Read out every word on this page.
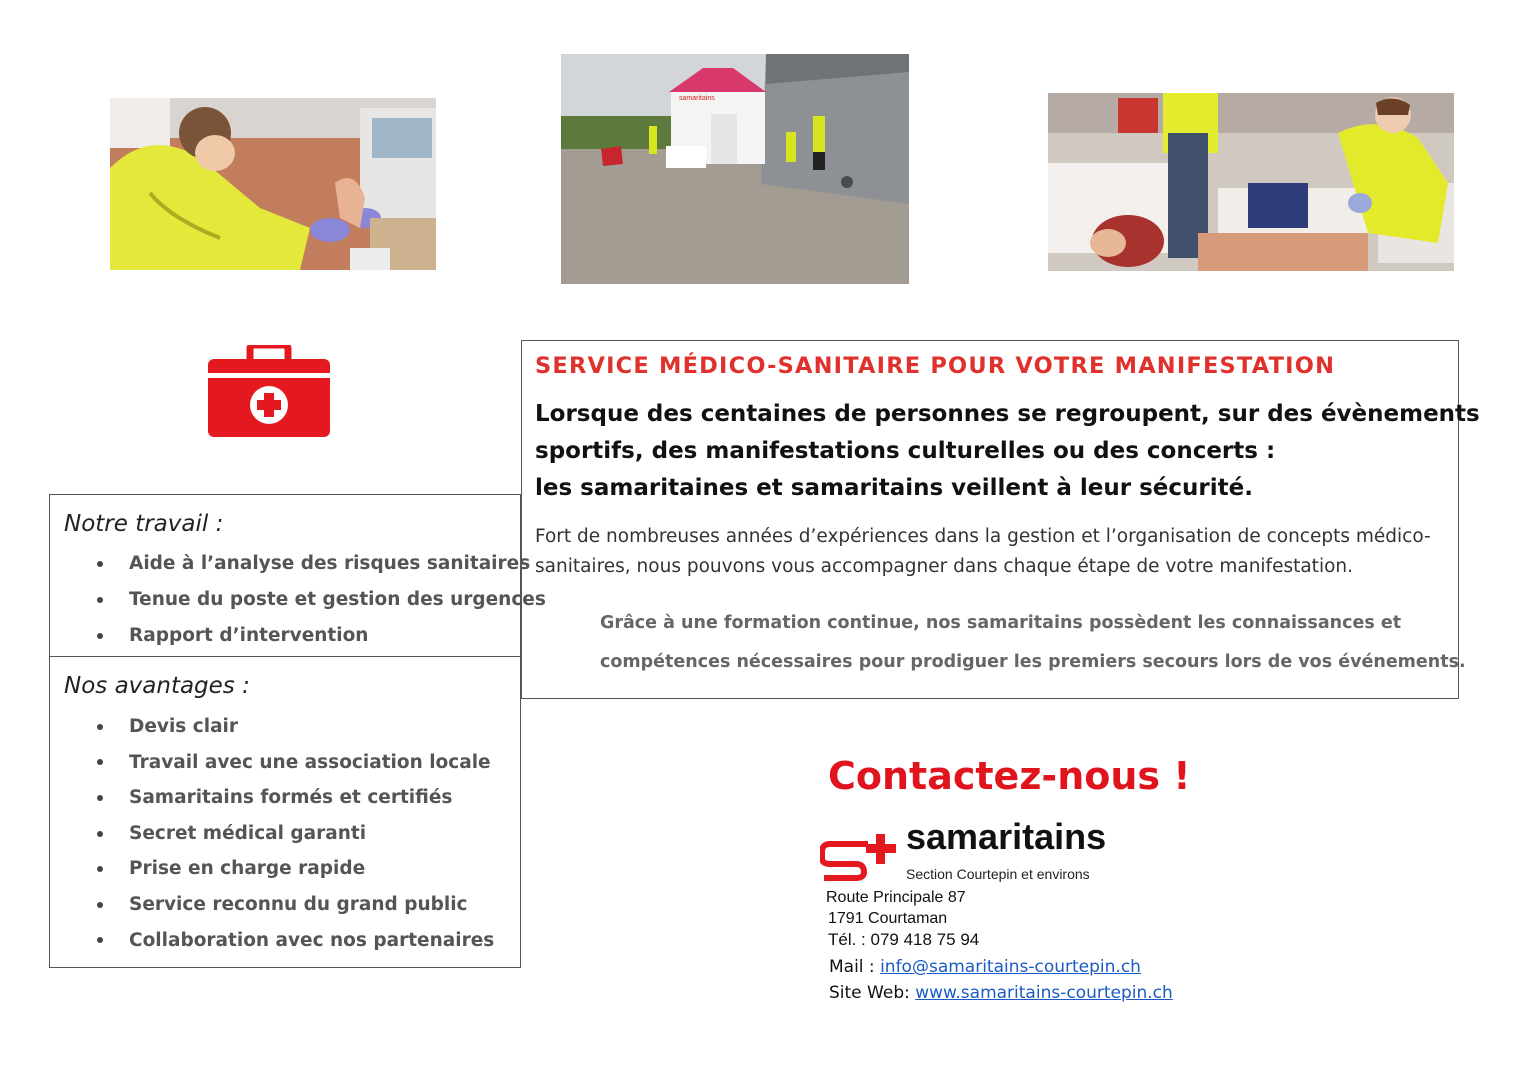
samaritains
Notre travail :
Aide à l’analyse des risques sanitaires
Tenue du poste et gestion des urgences
Rapport d’intervention
Nos avantages :
Devis clair
Travail avec une association locale
Samaritains formés et certifiés
Secret médical garanti
Prise en charge rapide
Service reconnu du grand public
Collaboration avec nos partenaires
SERVICE MÉDICO-SANITAIRE POUR VOTRE MANIFESTATION
Lorsque des centaines de personnes se regroupent, sur des évènements
sportifs, des manifestations culturelles ou des concerts :
les samaritaines et samaritains veillent à leur sécurité.
Fort de nombreuses années d’expériences dans la gestion et l’organisation de concepts médico-
sanitaires, nous pouvons vous accompagner dans chaque étape de votre manifestation.
Grâce à une formation continue, nos samaritains possèdent les connaissances et
compétences nécessaires pour prodiguer les premiers secours lors de vos événements.
Contactez-nous !
samaritains
Section Courtepin et environs
Route Principale 87
1791 Courtaman
Tél. : 079 418 75 94
Mail : info@samaritains-courtepin.ch
Site Web: www.samaritains-courtepin.ch
